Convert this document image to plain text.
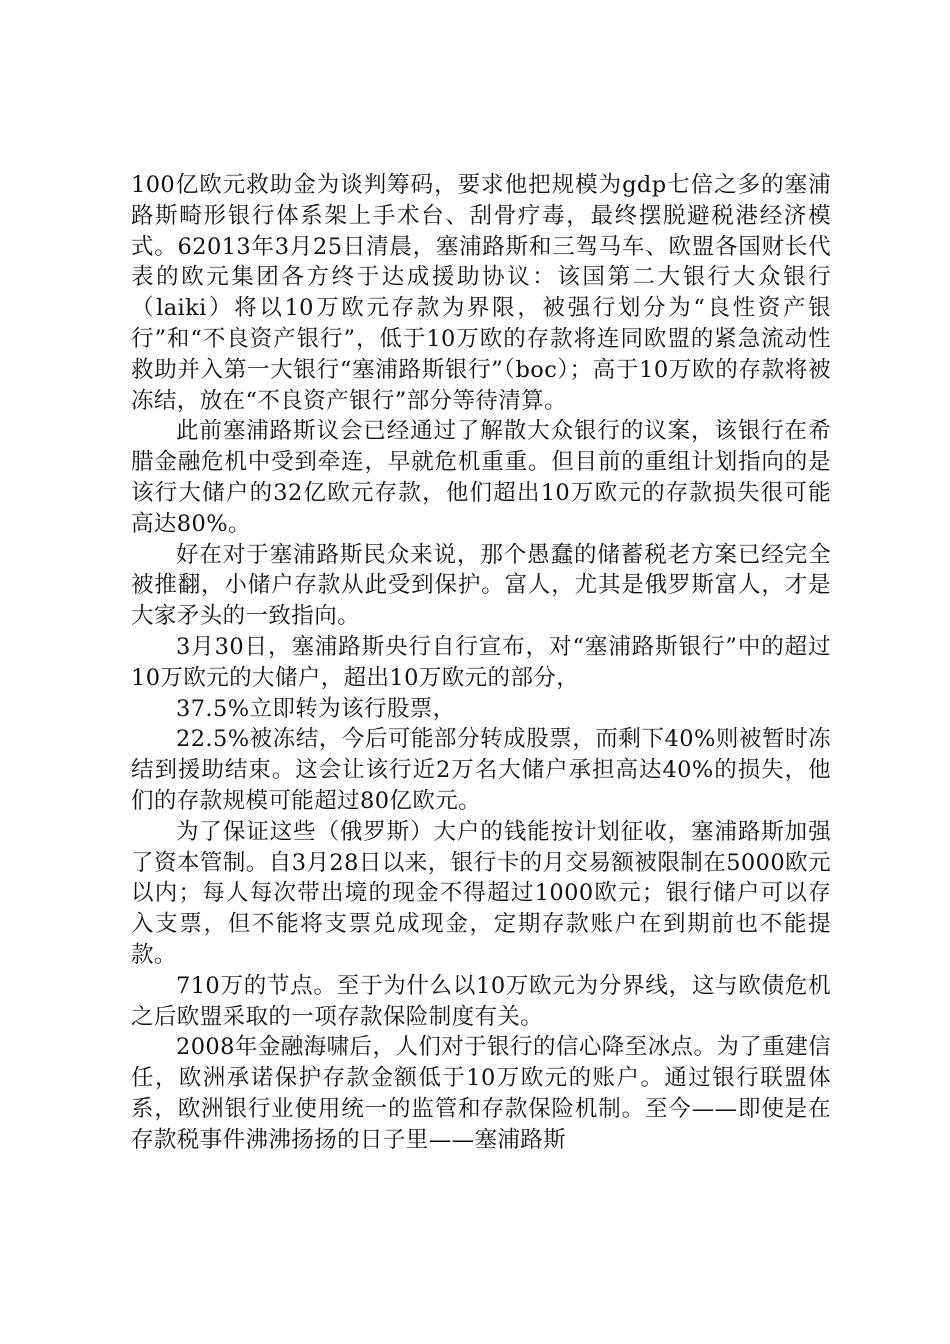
100亿欧元救助金为谈判筹码，要求他把规模为gdp七倍之多的塞浦路斯畸形银行体系架上手术台、刮骨疗毒，最终摆脱避税港经济模式。62013年3月25日清晨，塞浦路斯和三驾马车、欧盟各国财长代表的欧元集团各方终于达成援助协议：该国第二大银行大众银行（laiki）将以10万欧元存款为界限，被强行划分为“良性资产银行”和“不良资产银行”，低于10万欧的存款将连同欧盟的紧急流动性救助并入第一大银行“塞浦路斯银行”（boc）；高于10万欧的存款将被冻结，放在“不良资产银行”部分等待清算。

此前塞浦路斯议会已经通过了解散大众银行的议案，该银行在希腊金融危机中受到牵连，早就危机重重。但目前的重组计划指向的是该行大储户的32亿欧元存款，他们超出10万欧元的存款损失很可能高达80%。

好在对于塞浦路斯民众来说，那个愚蠢的储蓄税老方案已经完全被推翻，小储户存款从此受到保护。富人，尤其是俄罗斯富人，才是大家矛头的一致指向。

3月30日，塞浦路斯央行自行宣布，对“塞浦路斯银行”中的超过10万欧元的大储户，超出10万欧元的部分，

37.5%立即转为该行股票，

22.5%被冻结，今后可能部分转成股票，而剩下40%则被暂时冻结到援助结束。这会让该行近2万名大储户承担高达40%的损失，他们的存款规模可能超过80亿欧元。

为了保证这些（俄罗斯）大户的钱能按计划征收，塞浦路斯加强了资本管制。自3月28日以来，银行卡的月交易额被限制在5000欧元以内；每人每次带出境的现金不得超过1000欧元；银行储户可以存入支票，但不能将支票兑成现金，定期存款账户在到期前也不能提款。

710万的节点。至于为什么以10万欧元为分界线，这与欧债危机之后欧盟采取的一项存款保险制度有关。

2008年金融海啸后，人们对于银行的信心降至冰点。为了重建信任，欧洲承诺保护存款金额低于10万欧元的账户。通过银行联盟体系，欧洲银行业使用统一的监管和存款保险机制。至今——即使是在存款税事件沸沸扬扬的日子里——塞浦路斯
